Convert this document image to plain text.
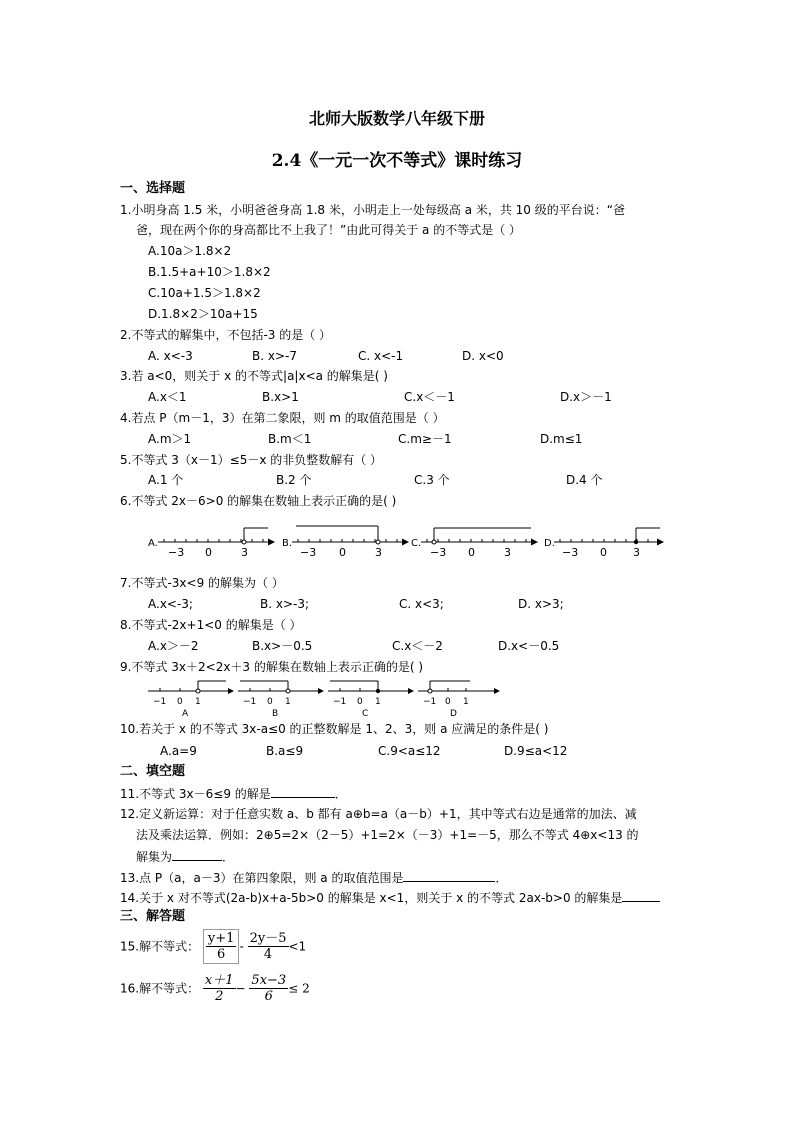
北师大版数学八年级下册
2.4《一元一次不等式》课时练习
一、选择题
1.小明身高 1.5 米，小明爸爸身高 1.8 米，小明走上一处每级高 a 米，共 10 级的平台说：“爸
爸，现在两个你的身高都比不上我了！”由此可得关于 a 的不等式是（ ）
A.10a＞1.8×2
B.1.5+a+10＞1.8×2
C.10a+1.5＞1.8×2
D.1.8×2＞10a+15
2.不等式的解集中，不包括-3 的是（ ）
A. x<-3	B. x>-7	C. x<-1	D. x<0
3.若 a<0，则关于 x 的不等式|a|x<a 的解集是( )
A.x＜1	B.x>1	C.x＜－1	D.x＞－1
4.若点 P（m－1，3）在第二象限，则 m 的取值范围是（ ）
A.m＞1	B.m＜1	C.m≥－1	D.m≤1
5.不等式 3（x－1）≤5－x 的非负整数解有（ ）
A.1 个	B.2 个	C.3 个	D.4 个
6.不等式 2x－6>0 的解集在数轴上表示正确的是( )
A.
−3 0	3
B.
−3 0	3
C.
−3 0	3
D.
−3 0 3
7.不等式-3x<9 的解集为（ ）
A.x<-3;	B. x>-3;	C. x<3;	D. x>3;
8.不等式-2x+1<0 的解集是（ ）
A.x＞－2	B.x>－0.5	C.x＜－2	D.x<－0.5
9.不等式 3x＋2<2x＋3 的解集在数轴上表示正确的是( )
−1 0 1
A
−1 0 1
B
−1 0 1
C
−1 0 1
D
10.若关于 x 的不等式 3x-a≤0 的正整数解是 1、2、3，则 a 应满足的条件是( )
A.a=9	B.a≤9	C.9<a≤12	D.9≤a<12
二、填空题
11.不等式 3x－6≤9 的解是	．
12.定义新运算：对于任意实数 a、b 都有 a⊕b=a（a－b）+1，其中等式右边是通常的加法、减
法及乘法运算．例如：2⊕5=2×（2－5）+1=2×（－3）+1=－5，那么不等式 4⊕x<13 的
解集为	．
13.点 P（a，a－3）在第四象限，则 a 的取值范围是	．
14.关于 x 对不等式(2a-b)x+a-5b>0 的解集是 x<1，则关于 x 的不等式 2ax-b>0 的解集是
三、解答题
15.解不等式： $\frac{y+1}{6} - \frac{2y-5}{4} <1$
16.解不等式： $\frac{x+1}{2} - \frac{5x-3}{6} \le 2$
